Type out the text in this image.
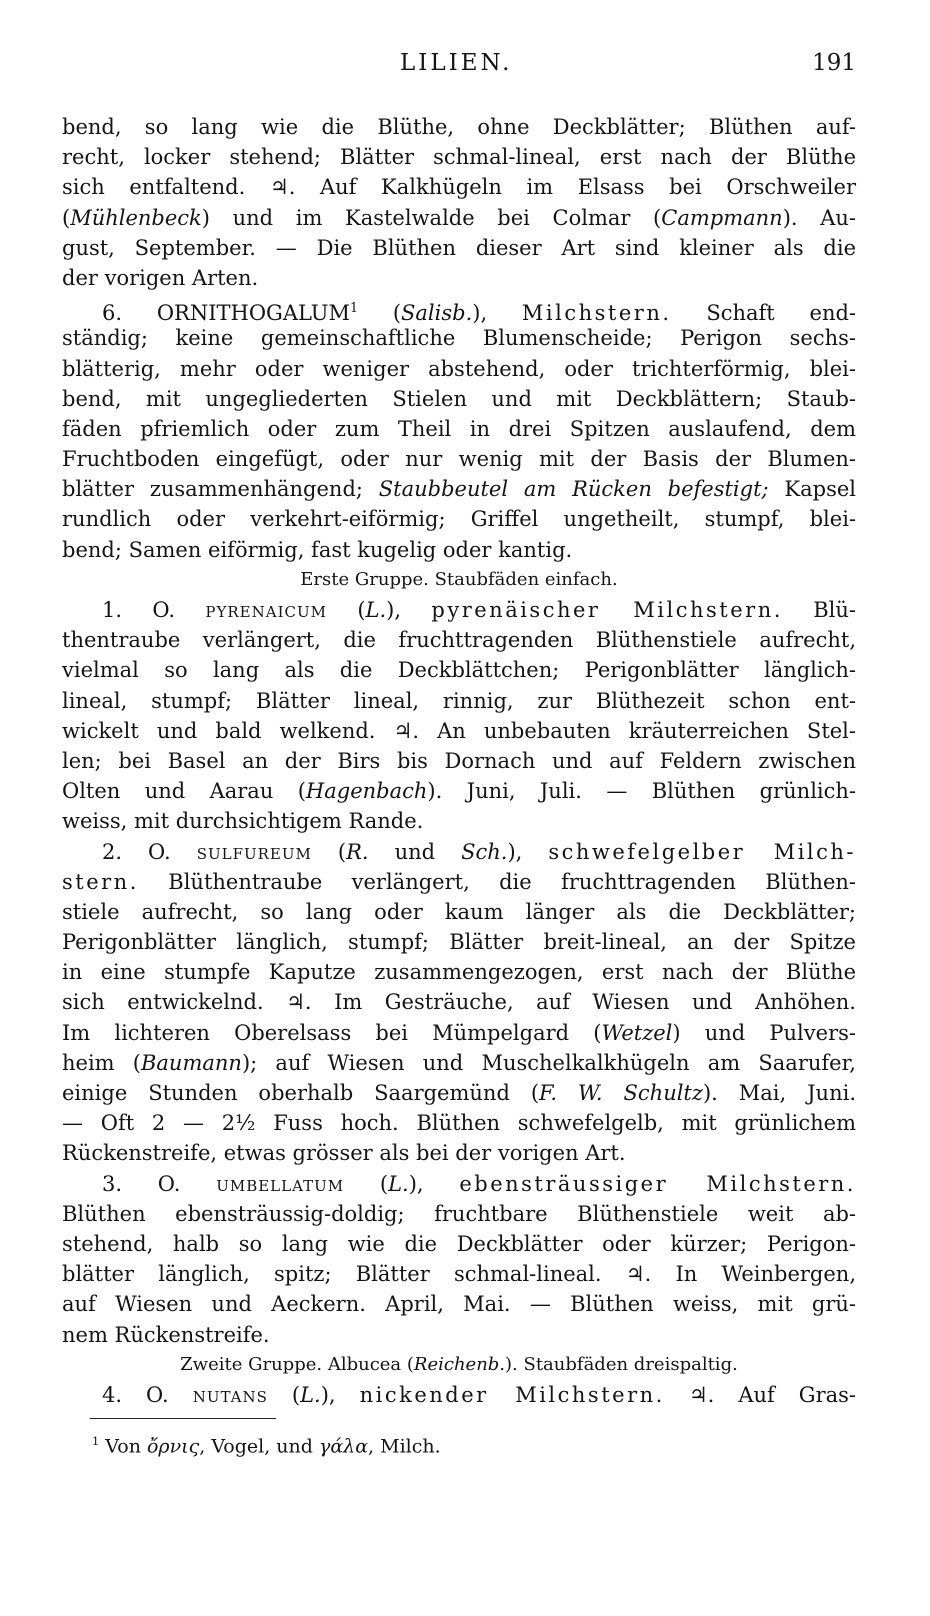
LILIEN.	191
bend, so lang wie die Blüthe, ohne Deckblätter; Blüthen auf-
recht, locker stehend; Blätter schmal-lineal, erst nach der Blüthe
sich entfaltend. ♃. Auf Kalkhügeln im Elsass bei Orschweiler
(Mühlenbeck) und im Kastelwalde bei Colmar (Campmann). Au-
gust, September. — Die Blüthen dieser Art sind kleiner als die
der vorigen Arten.
6. ORNITHOGALUM$^1$ (Salisb.), Milchstern. Schaft end-
ständig; keine gemeinschaftliche Blumenscheide; Perigon sechs-
blätterig, mehr oder weniger abstehend, oder trichterförmig, blei-
bend, mit ungegliederten Stielen und mit Deckblättern; Staub-
fäden pfriemlich oder zum Theil in drei Spitzen auslaufend, dem
Fruchtboden eingefügt, oder nur wenig mit der Basis der Blumen-
blätter zusammenhängend; Staubbeutel am Rücken befestigt; Kapsel
rundlich oder verkehrt-eiförmig; Griffel ungetheilt, stumpf, blei-
bend; Samen eiförmig, fast kugelig oder kantig.
Erste Gruppe. Staubfäden einfach.
1. O. pyrenaicum (L.), pyrenäischer Milchstern. Blü-
thentraube verlängert, die fruchttragenden Blüthenstiele aufrecht,
vielmal so lang als die Deckblättchen; Perigonblätter länglich-
lineal, stumpf; Blätter lineal, rinnig, zur Blüthezeit schon ent-
wickelt und bald welkend. ♃. An unbebauten kräuterreichen Stel-
len; bei Basel an der Birs bis Dornach und auf Feldern zwischen
Olten und Aarau (Hagenbach). Juni, Juli. — Blüthen grünlich-
weiss, mit durchsichtigem Rande.
2. O. sulfureum (R. und Sch.), schwefelgelber Milch-
stern. Blüthentraube verlängert, die fruchttragenden Blüthen-
stiele aufrecht, so lang oder kaum länger als die Deckblätter;
Perigonblätter länglich, stumpf; Blätter breit-lineal, an der Spitze
in eine stumpfe Kaputze zusammengezogen, erst nach der Blüthe
sich entwickelnd. ♃. Im Gesträuche, auf Wiesen und Anhöhen.
Im lichteren Oberelsass bei Mümpelgard (Wetzel) und Pulvers-
heim (Baumann); auf Wiesen und Muschelkalkhügeln am Saarufer,
einige Stunden oberhalb Saargemünd (F. W. Schultz). Mai, Juni.
— Oft 2 — 2½ Fuss hoch. Blüthen schwefelgelb, mit grünlichem
Rückenstreife, etwas grösser als bei der vorigen Art.
3. O. umbellatum (L.), ebensträussiger Milchstern.
Blüthen ebensträussig-doldig; fruchtbare Blüthenstiele weit ab-
stehend, halb so lang wie die Deckblätter oder kürzer; Perigon-
blätter länglich, spitz; Blätter schmal-lineal. ♃. In Weinbergen,
auf Wiesen und Aeckern. April, Mai. — Blüthen weiss, mit grü-
nem Rückenstreife.
Zweite Gruppe. Albucea (Reichenb.). Staubfäden dreispaltig.
4. O. nutans (L.), nickender Milchstern. ♃. Auf Gras-
$^1$ Von ὄρνις, Vogel, und γάλα, Milch.
